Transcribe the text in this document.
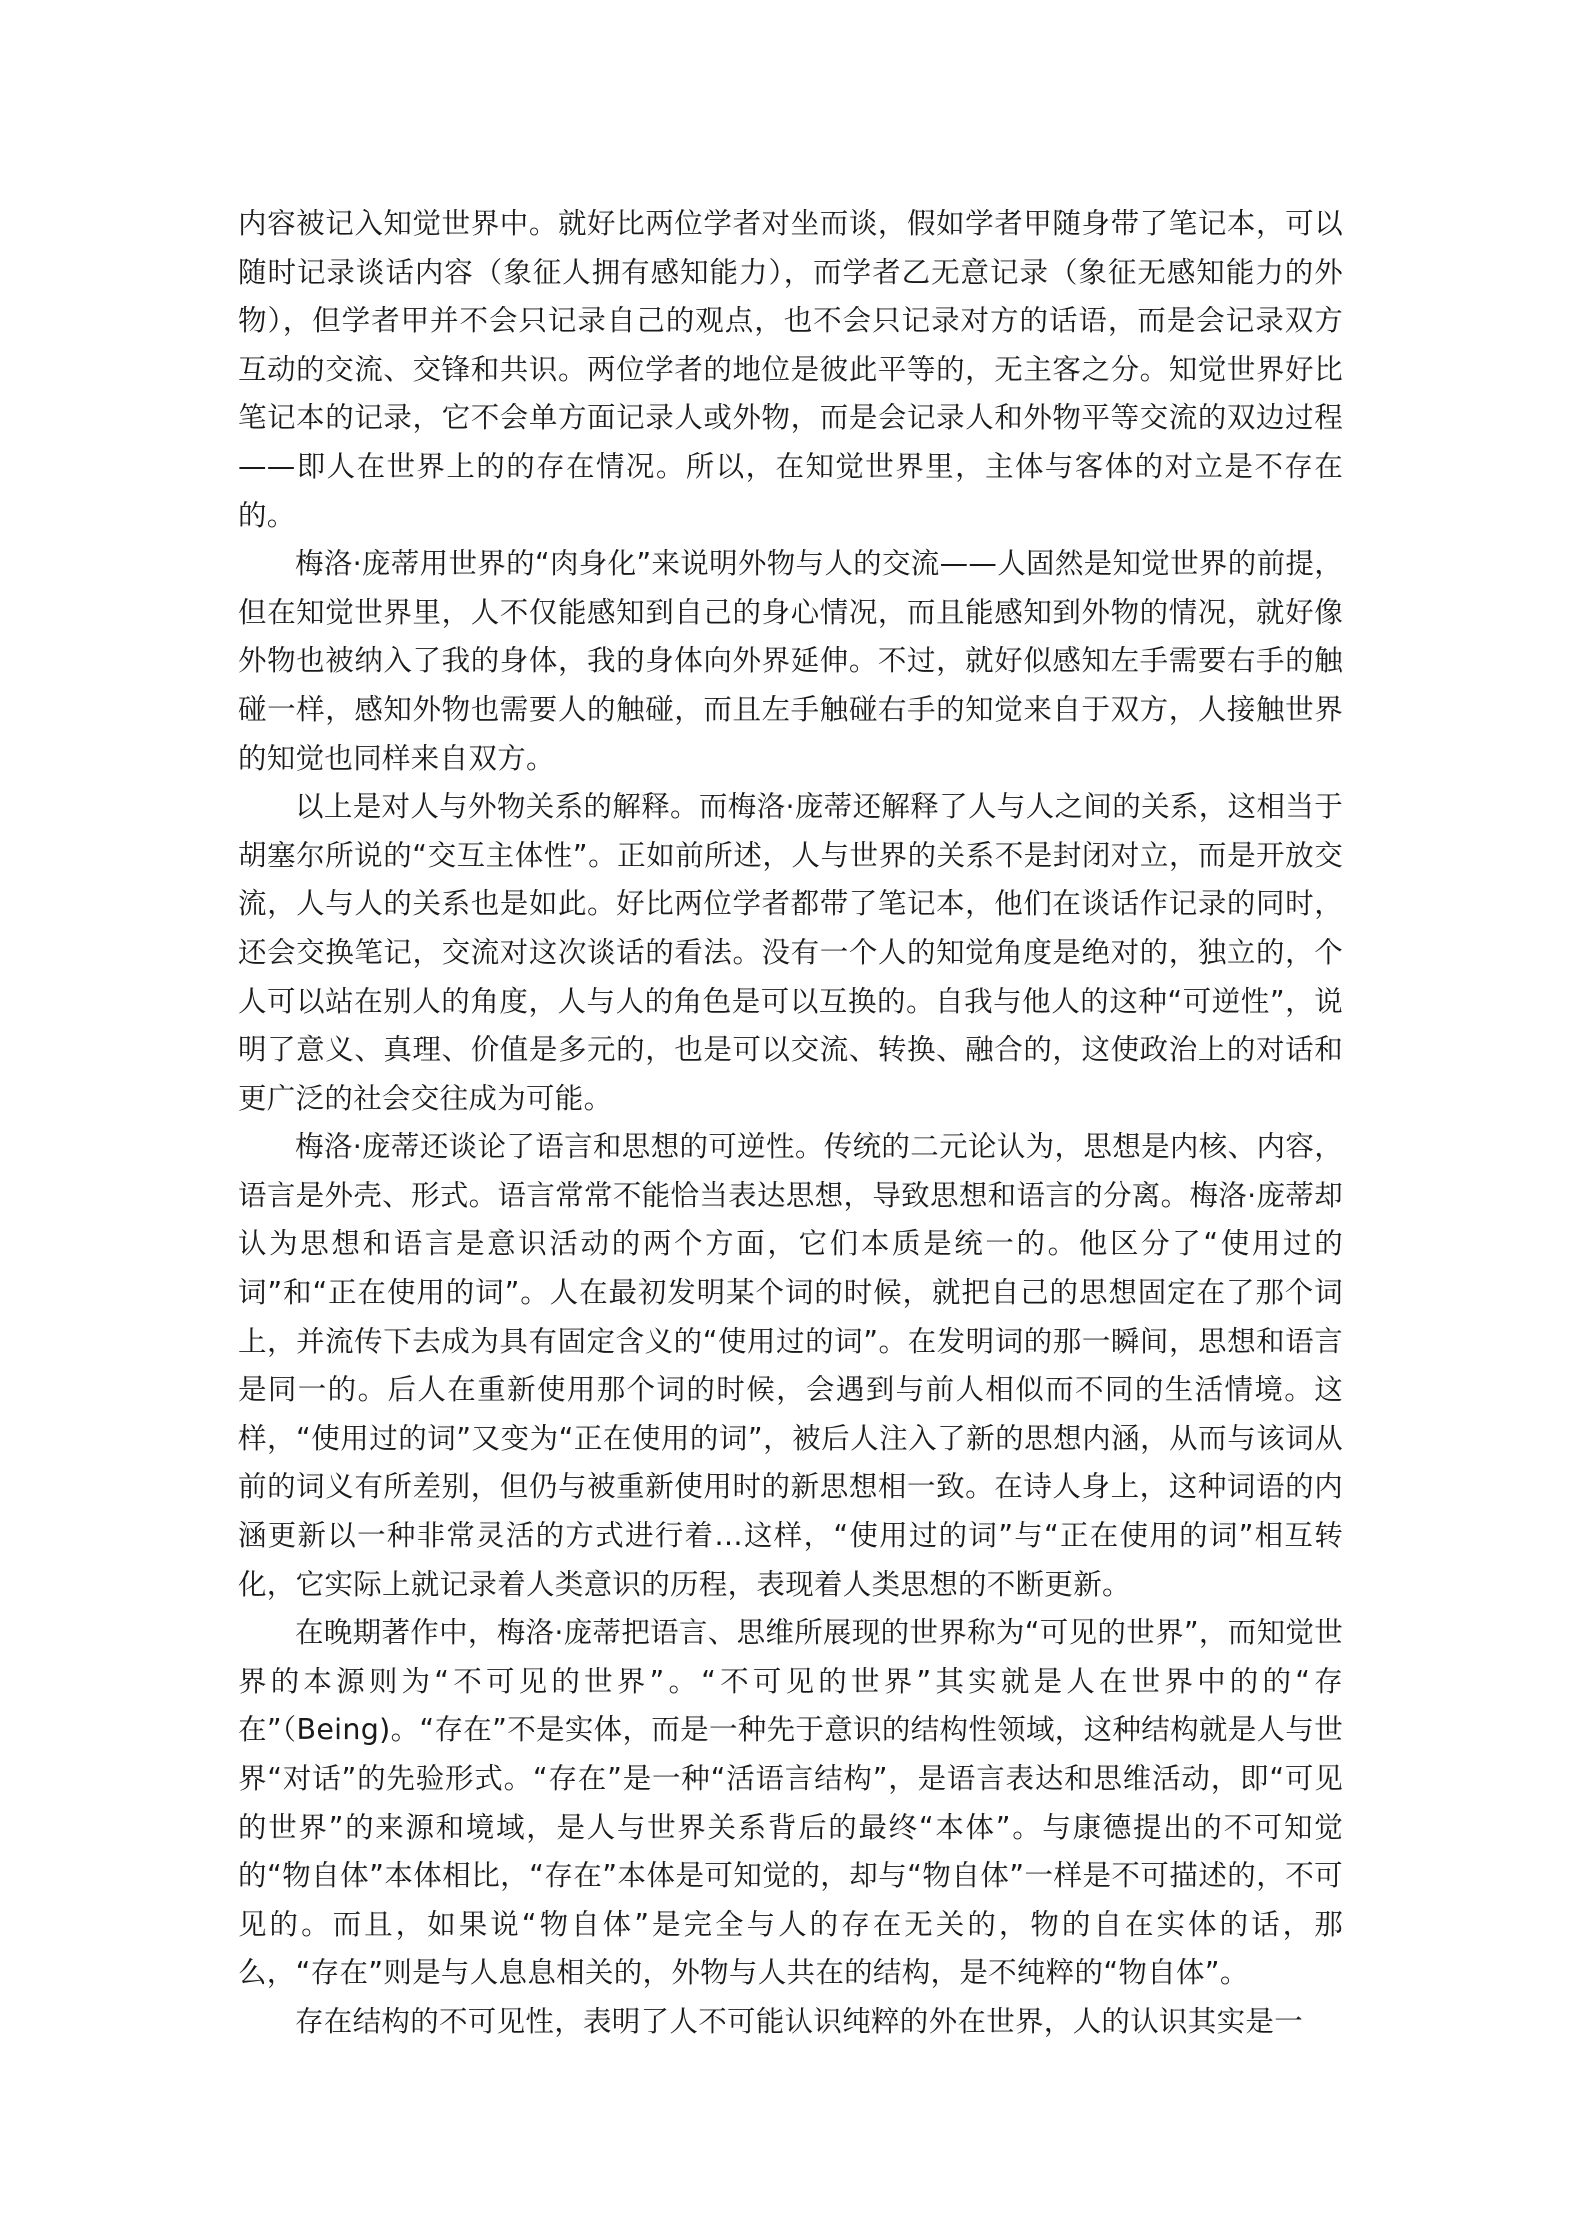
内容被记入知觉世界中。就好比两位学者对坐而谈，假如学者甲随身带了笔记本，可以随时记录谈话内容（象征人拥有感知能力），而学者乙无意记录（象征无感知能力的外物），但学者甲并不会只记录自己的观点，也不会只记录对方的话语，而是会记录双方互动的交流、交锋和共识。两位学者的地位是彼此平等的，无主客之分。知觉世界好比笔记本的记录，它不会单方面记录人或外物，而是会记录人和外物平等交流的双边过程——即人在世界上的的存在情况。所以，在知觉世界里，主体与客体的对立是不存在的。

梅洛·庞蒂用世界的“肉身化”来说明外物与人的交流——人固然是知觉世界的前提，但在知觉世界里，人不仅能感知到自己的身心情况，而且能感知到外物的情况，就好像外物也被纳入了我的身体，我的身体向外界延伸。不过，就好似感知左手需要右手的触碰一样，感知外物也需要人的触碰，而且左手触碰右手的知觉来自于双方，人接触世界的知觉也同样来自双方。

以上是对人与外物关系的解释。而梅洛·庞蒂还解释了人与人之间的关系，这相当于胡塞尔所说的“交互主体性”。正如前所述，人与世界的关系不是封闭对立，而是开放交流，人与人的关系也是如此。好比两位学者都带了笔记本，他们在谈话作记录的同时，还会交换笔记，交流对这次谈话的看法。没有一个人的知觉角度是绝对的，独立的，个人可以站在别人的角度，人与人的角色是可以互换的。自我与他人的这种“可逆性”，说明了意义、真理、价值是多元的，也是可以交流、转换、融合的，这使政治上的对话和更广泛的社会交往成为可能。

梅洛·庞蒂还谈论了语言和思想的可逆性。传统的二元论认为，思想是内核、内容，语言是外壳、形式。语言常常不能恰当表达思想，导致思想和语言的分离。梅洛·庞蒂却认为思想和语言是意识活动的两个方面，它们本质是统一的。他区分了“使用过的词”和“正在使用的词”。人在最初发明某个词的时候，就把自己的思想固定在了那个词上，并流传下去成为具有固定含义的“使用过的词”。在发明词的那一瞬间，思想和语言是同一的。后人在重新使用那个词的时候，会遇到与前人相似而不同的生活情境。这样，“使用过的词”又变为“正在使用的词”，被后人注入了新的思想内涵，从而与该词从前的词义有所差别，但仍与被重新使用时的新思想相一致。在诗人身上，这种词语的内涵更新以一种非常灵活的方式进行着…这样，“使用过的词”与“正在使用的词”相互转化，它实际上就记录着人类意识的历程，表现着人类思想的不断更新。

在晚期著作中，梅洛·庞蒂把语言、思维所展现的世界称为“可见的世界”，而知觉世界的本源则为“不可见的世界”。“不可见的世界”其实就是人在世界中的的“存在”（Being)。“存在”不是实体，而是一种先于意识的结构性领域，这种结构就是人与世界“对话”的先验形式。“存在”是一种“活语言结构”，是语言表达和思维活动，即“可见的世界”的来源和境域，是人与世界关系背后的最终“本体”。与康德提出的不可知觉的“物自体”本体相比，“存在”本体是可知觉的，却与“物自体”一样是不可描述的，不可见的。而且，如果说“物自体”是完全与人的存在无关的，物的自在实体的话，那么，“存在”则是与人息息相关的，外物与人共在的结构，是不纯粹的“物自体”。

存在结构的不可见性，表明了人不可能认识纯粹的外在世界，人的认识其实是一
